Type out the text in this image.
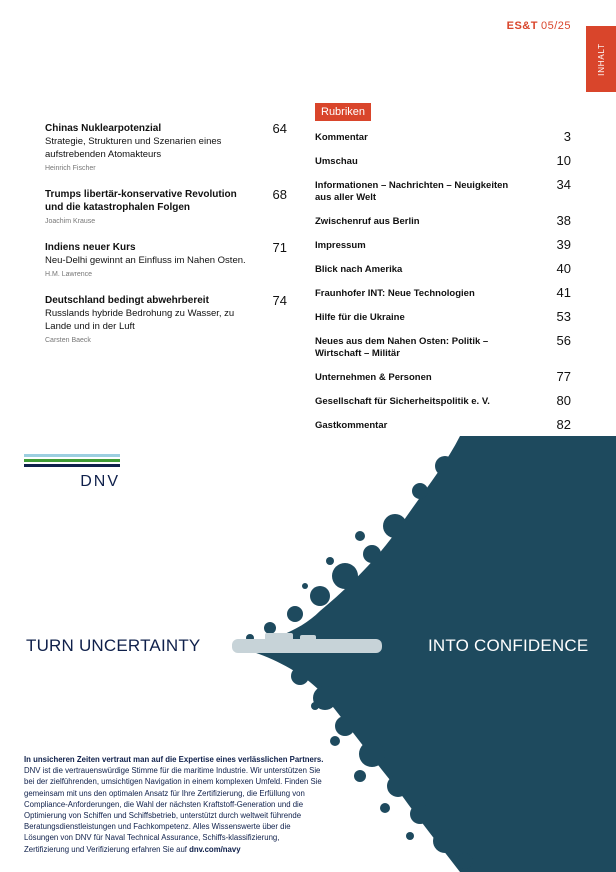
ES&T 05/25
INHALT
Chinas Nuklearpotenzial
Strategie, Strukturen und Szenarien eines aufstrebenden Atomakteurs
Heinrich Fischer
64
Trumps libertär-konservative Revolution und die katastrophalen Folgen
Joachim Krause
68
Indiens neuer Kurs
Neu-Delhi gewinnt an Einfluss im Nahen Osten.
H.M. Lawrence
71
Deutschland bedingt abwehrbereit
Russlands hybride Bedrohung zu Wasser, zu Lande und in der Luft
Carsten Baeck
74
Rubriken
Kommentar	3
Umschau	10
Informationen – Nachrichten – Neuigkeiten aus aller Welt
34
Zwischenruf aus Berlin	38
Impressum	39
Blick nach Amerika	40
Fraunhofer INT: Neue Technologien	41
Hilfe für die Ukraine	53
Neues aus dem Nahen Osten: Politik – Wirtschaft – Militär
56
Unternehmen & Personen	77
Gesellschaft für Sicherheitspolitik e. V.	80
Gastkommentar	82
DNV
TURN UNCERTAINTY	INTO CONFIDENCE
In unsicheren Zeiten vertraut man auf die Expertise eines verlässlichen Partners.
DNV ist die vertrauenswürdige Stimme für die maritime Industrie. Wir unterstützen Sie bei der zielführenden, umsichtigen Navigation in einem komplexen Umfeld. Finden Sie gemeinsam mit uns den optimalen Ansatz für Ihre Zertifizierung, die Erfüllung von Compliance-Anforderungen, die Wahl der nächsten Kraftstoff-Generation und die Optimierung von Schiffen und Schiffsbetrieb, unterstützt durch weltweit führende Beratungsdienstleistungen und Fachkompetenz. Alles Wissenswerte über die Lösungen von DNV für Naval Technical Assurance, Schiffs-klassifizierung, Zertifizierung und Verifizierung erfahren Sie auf dnv.com/navy
